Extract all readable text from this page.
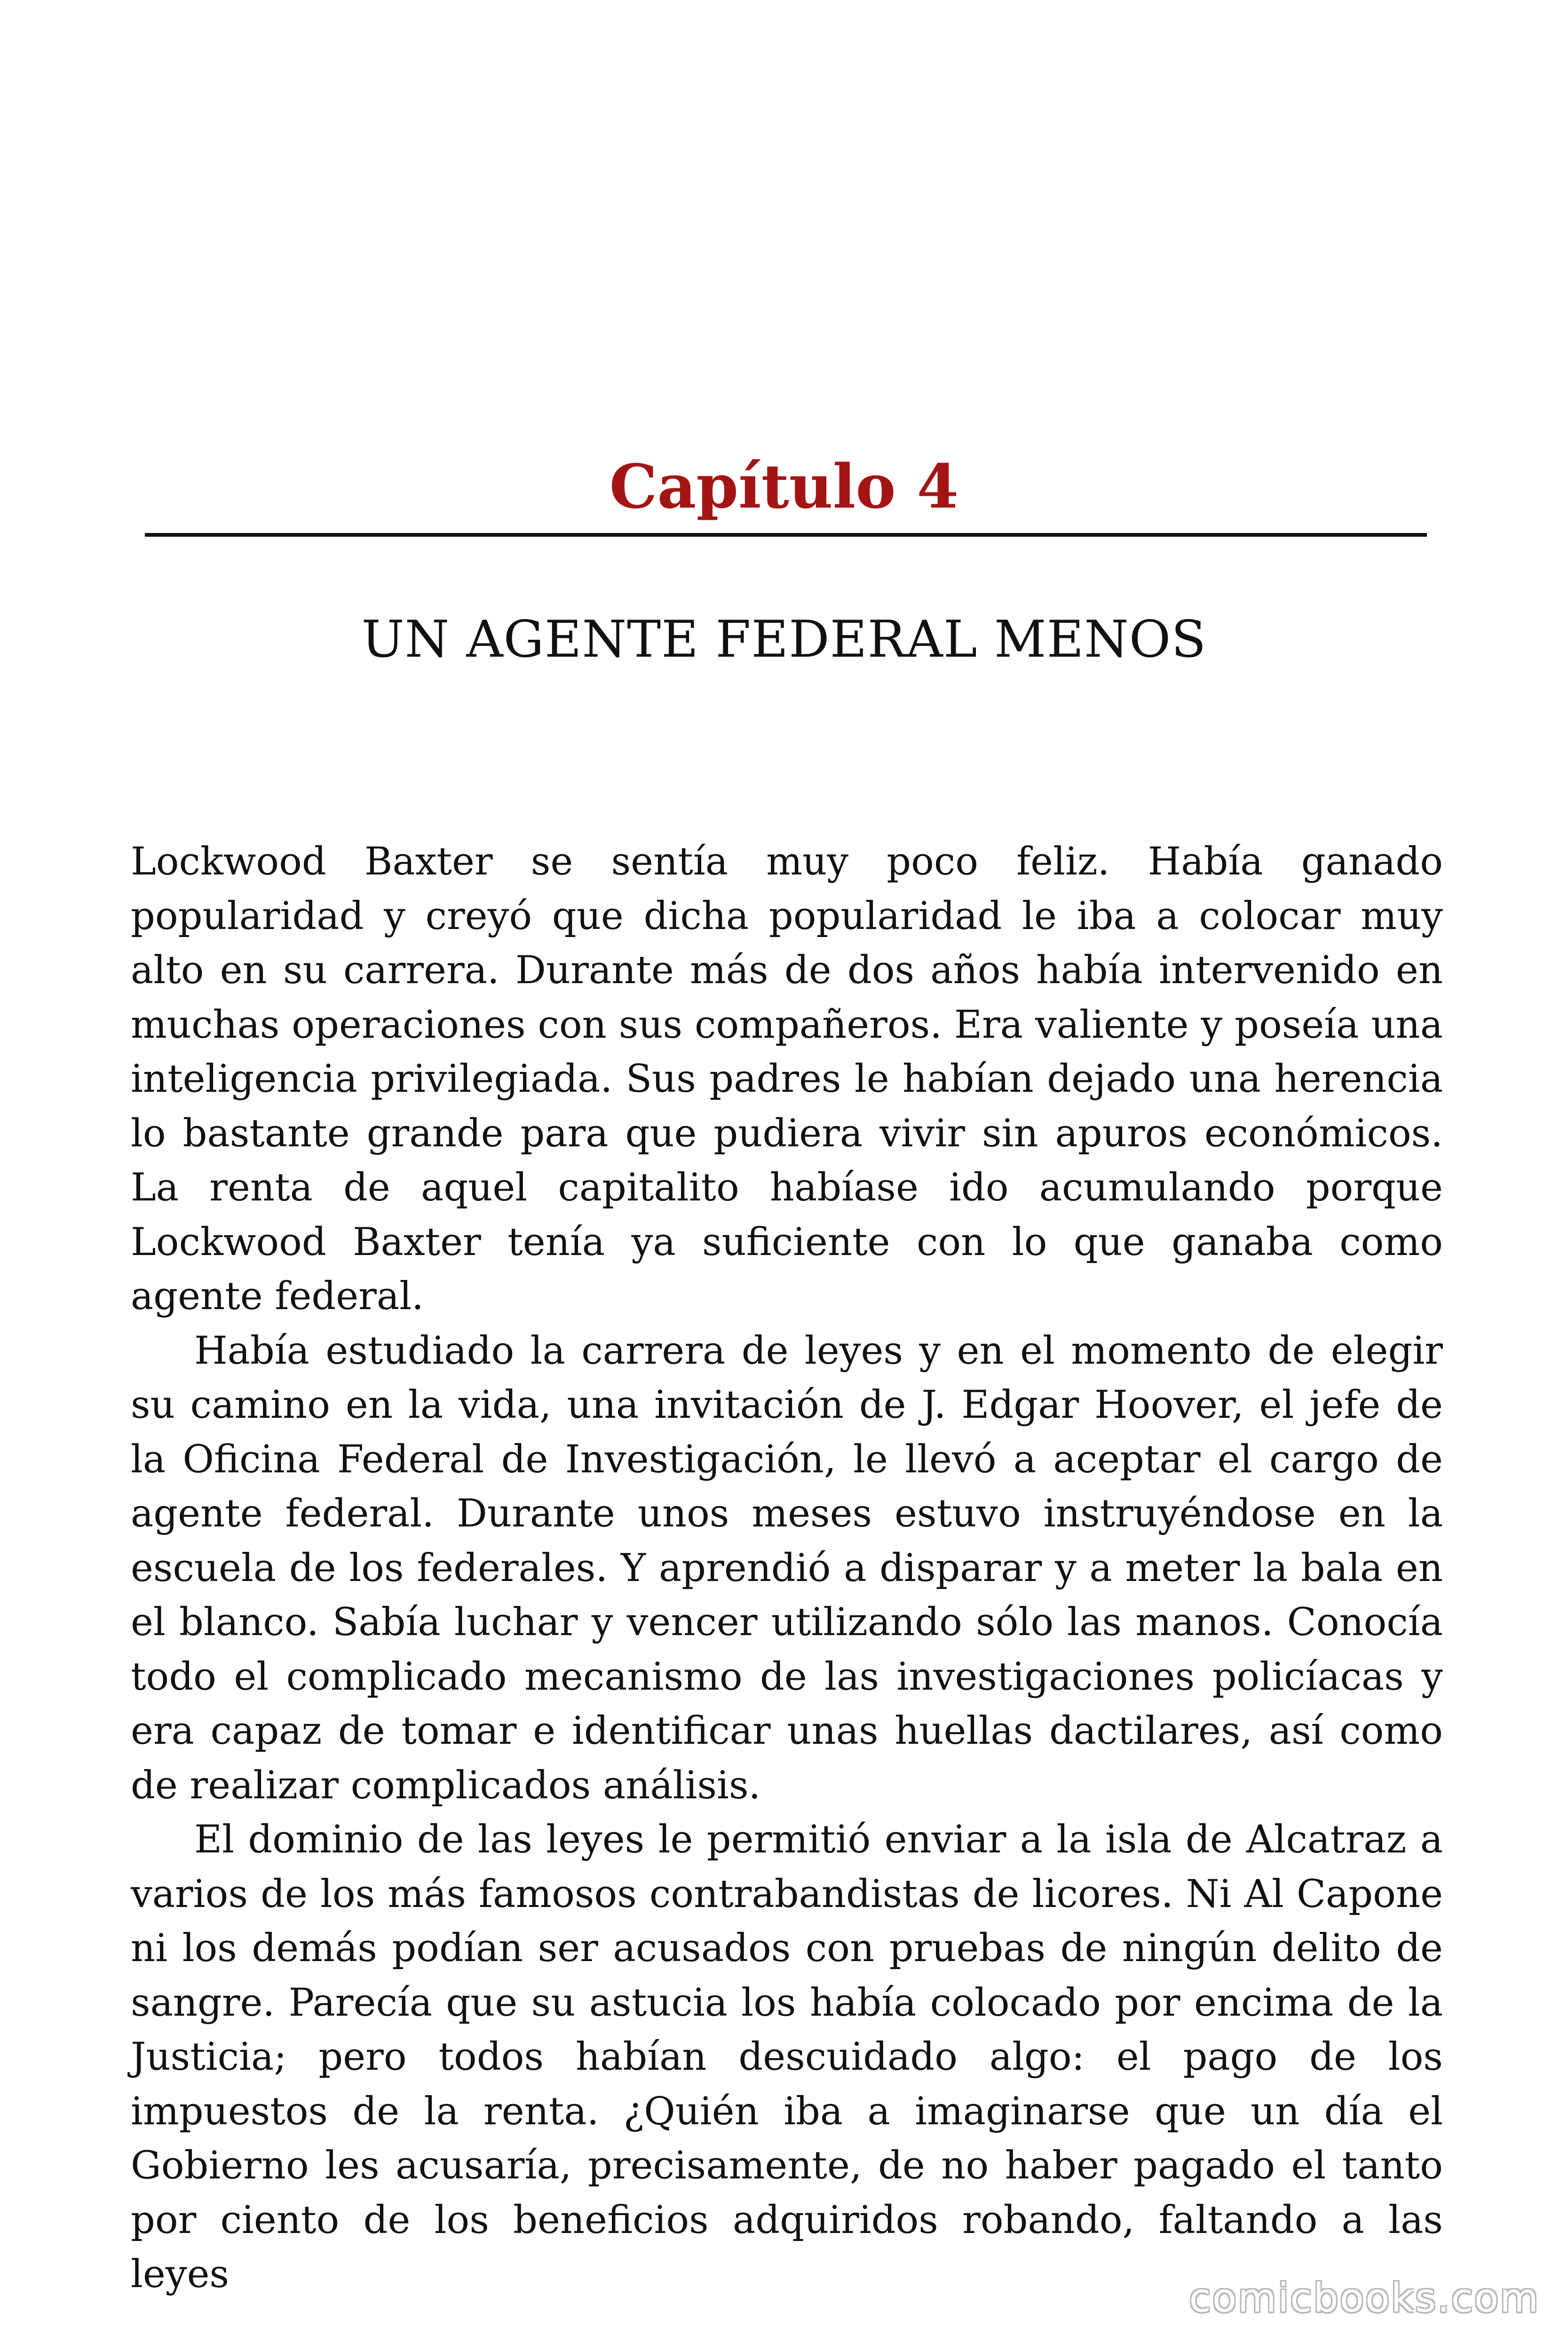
Capítulo 4
UN AGENTE FEDERAL MENOS

Lockwood Baxter se sentía muy poco feliz. Había ganado popularidad y creyó que dicha popularidad le iba a colocar muy alto en su carrera. Durante más de dos años había intervenido en muchas operaciones con sus compañeros. Era valiente y poseía una inteligencia privilegiada. Sus padres le habían dejado una herencia lo bastante grande para que pudiera vivir sin apuros económicos. La renta de aquel capitalito habíase ido acumulando porque Lockwood Baxter tenía ya suficiente con lo que ganaba como agente federal.

Había estudiado la carrera de leyes y en el momento de elegir su camino en la vida, una invitación de J. Edgar Hoover, el jefe de la Oficina Federal de Investigación, le llevó a aceptar el cargo de agente federal. Durante unos meses estuvo instruyéndose en la escuela de los federales. Y aprendió a disparar y a meter la bala en el blanco. Sabía luchar y vencer utilizando sólo las manos. Conocía todo el complicado mecanismo de las investigaciones policíacas y era capaz de tomar e identificar unas huellas dactilares, así como de realizar complicados análisis.

El dominio de las leyes le permitió enviar a la isla de Alcatraz a varios de los más famosos contrabandistas de licores. Ni Al Capone ni los demás podían ser acusados con pruebas de ningún delito de sangre. Parecía que su astucia los había colocado por encima de la Justicia; pero todos habían descuidado algo: el pago de los impuestos de la renta. ¿Quién iba a imaginarse que un día el Gobierno les acusaría, precisamente, de no haber pagado el tanto por ciento de los beneficios adquiridos robando, faltando a las leyes

comicbooks.com
